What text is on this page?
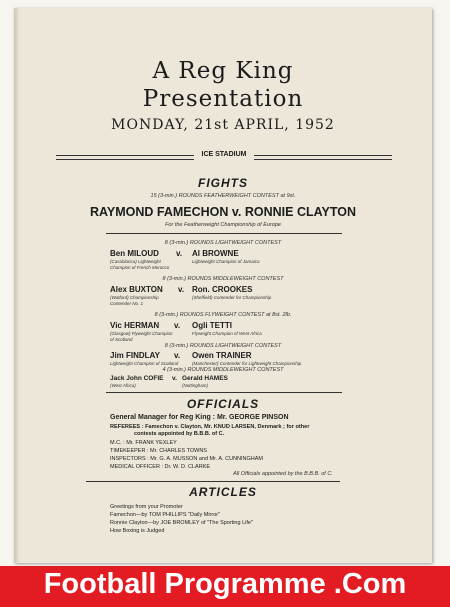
A Reg King
Presentation
MONDAY, 21st APRIL, 1952
ICE STADIUM
FIGHTS
15 (3-min.) ROUNDS FEATHERWEIGHT CONTEST at 9st.
RAYMOND FAMECHON v. RONNIE CLAYTON
For the Featherweight Championship of Europe
8 (3-min.) ROUNDS LIGHTWEIGHT CONTEST
Ben MILOUD v. Al BROWNE
(Casablanca) Lightweight
Champion of French Morocco
Lightweight Champion of Jamaica
8 (3-min.) ROUNDS MIDDLEWEIGHT CONTEST
Alex BUXTON v. Ron. CROOKES
(Watford) Championship
Contender No. 1
(Sheffield) Contender for Championship
8 (3-min.) ROUNDS FLYWEIGHT CONTEST at 8st. 2lb.
Vic HERMAN v. Ogli TETTI
(Glasgow) Flyweight Champion
of Scotland
Flyweight Champion of West Africa
8 (3-min.) ROUNDS LIGHTWEIGHT CONTEST
Jim FINDLAY v. Owen TRAINER
Lightweight Champion of Scotland	(Manchester) Contender for Lightweight Championship
4 (3-min.) ROUNDS MIDDLEWEIGHT CONTEST
Jack John COFIE v. Gerald HAMES
(West Africa)	(Nottingham)
OFFICIALS
General Manager for Reg King : Mr. GEORGE PINSON
REFEREES : Famechon v. Clayton, Mr. KNUD LARSEN, Denmark ; for other
contests appointed by B.B.B. of C.
M.C. : Mr. FRANK YEXLEY
TIMEKEEPER : Mr. CHARLES TOWNS
INSPECTORS : Mr. G. A. MUSSON and Mr. A. CUNNINGHAM
MEDICAL OFFICER : Dr. W. D. CLARKE
All Officials appointed by the B.B.B. of C.
ARTICLES
Greetings from your Promoter
Famechon—by TOM PHILLIPS "Daily Mirror"
Ronnie Clayton—by JOE BROMLEY of "The Sporting Life"
How Boxing is Judged
Football Programme .Com
